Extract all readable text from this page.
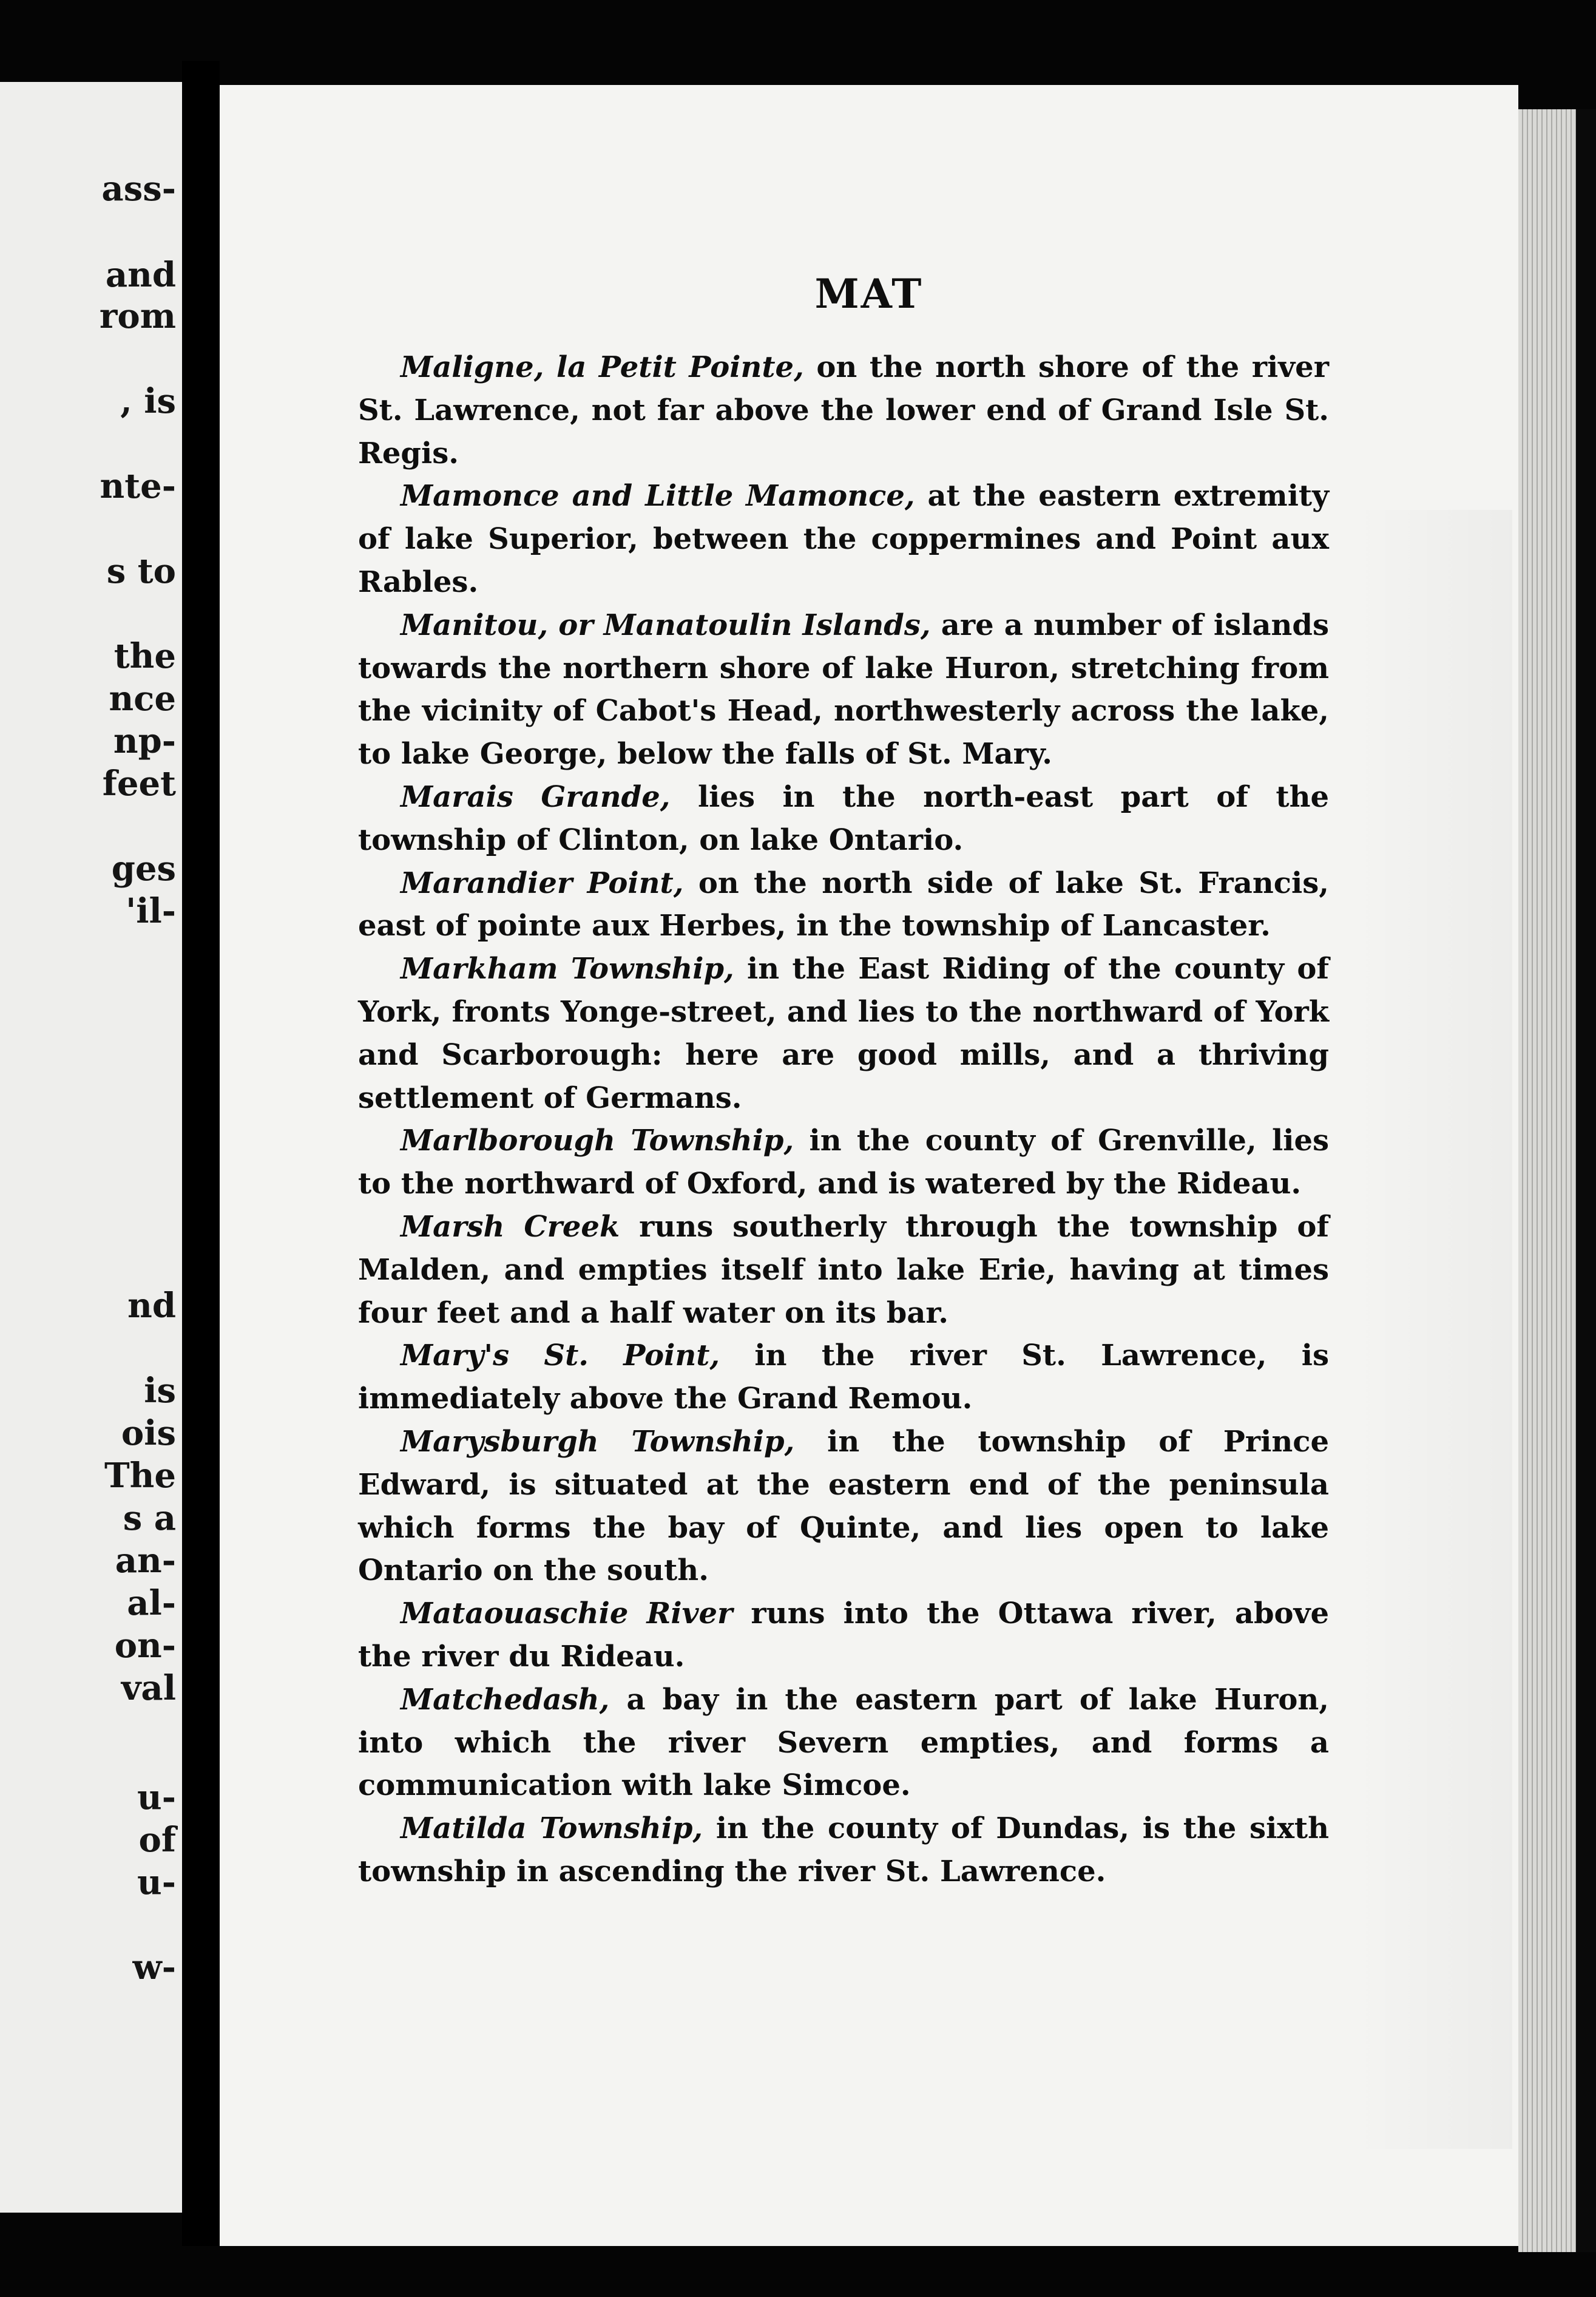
ass-
and
rom
, is
nte-
s to
the
nce
np-
feet
ges
'il-
nd
is
ois
The
s a
an-
al-
on-
val
u-
of
u-
w-
MAT
Maligne, la Petit Pointe, on the north shore of the river St. Lawrence, not far above the lower end of Grand Isle St. Regis.
Mamonce and Little Mamonce, at the eastern extremity of lake Superior, between the coppermines and Point aux Rables.
Manitou, or Manatoulin Islands, are a number of islands towards the northern shore of lake Huron, stretching from the vicinity of Cabot's Head, northwesterly across the lake, to lake George, below the falls of St. Mary.
Marais Grande, lies in the north-east part of the township of Clinton, on lake Ontario.
Marandier Point, on the north side of lake St. Francis, east of pointe aux Herbes, in the township of Lancaster.
Markham Township, in the East Riding of the county of York, fronts Yonge-street, and lies to the northward of York and Scarborough: here are good mills, and a thriving settlement of Germans.
Marlborough Township, in the county of Grenville, lies to the northward of Oxford, and is watered by the Rideau.
Marsh Creek runs southerly through the township of Malden, and empties itself into lake Erie, having at times four feet and a half water on its bar.
Mary's St. Point, in the river St. Lawrence, is immediately above the Grand Remou.
Marysburgh Township, in the township of Prince Edward, is situated at the eastern end of the peninsula which forms the bay of Quinte, and lies open to lake Ontario on the south.
Mataouaschie River runs into the Ottawa river, above the river du Rideau.
Matchedash, a bay in the eastern part of lake Huron, into which the river Severn empties, and forms a communication with lake Simcoe.
Matilda Township, in the county of Dundas, is the sixth township in ascending the river St. Lawrence.
